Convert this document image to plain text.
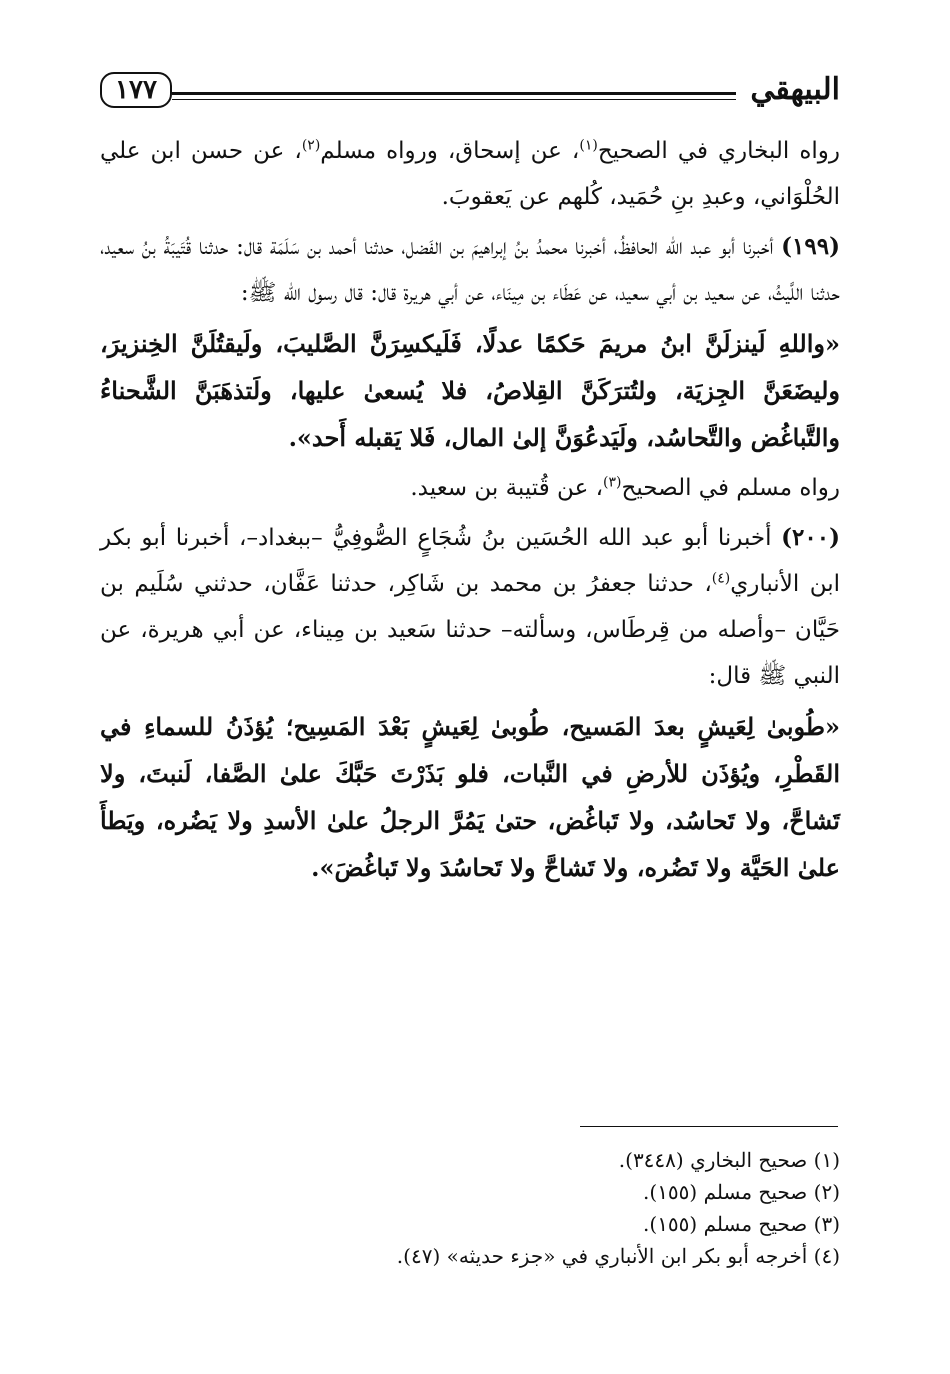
البيهقي
١٧٧

رواه البخاري في الصحيح$^{(١)}$، عن إسحاق، ورواه مسلم$^{(٢)}$، عن حسن ابن علي الحُلْوَاني، وعبدِ بنِ حُمَيد، كُلهم عن يَعقوبَ.

(١٩٩) أخبرنا أبو عبد الله الحافظُ، أخبرنا محمدُ بنُ إبراهيمَ بن الفَضل، حدثنا أحمد بن سَلَمَة قال: حدثنا قُتَيبَةُ بنُ سعيد، حدثنا اللَّيثُ، عن سعيد بن أبي سعيد، عن عَطَاء بن مِينَاء، عن أبي هريرة قال: قال رسول الله ﷺ:

«واللهِ لَينزلَنَّ ابنُ مريمَ حَكمًا عدلًا، فَلَيكسِرَنَّ الصَّليبَ، ولَيقتُلَنَّ الخِنزيرَ، وليضَعَنَّ الجِزيَة، ولتُترَكَنَّ القِلاصُ، فلا يُسعىٰ عليها، ولَتذهَبَنَّ الشَّحناءُ والتَّباغُض والتَّحاسُد، ولَيَدعُوَنَّ إلىٰ المال، فَلا يَقبله أَحد».

رواه مسلم في الصحيح$^{(٣)}$، عن قُتيبة بن سعيد.

(٢٠٠) أخبرنا أبو عبد الله الحُسَين بنُ شُجَاعٍ الصُّوفِيُّ –ببغداد–، أخبرنا أبو بكر ابن الأنباري$^{(٤)}$، حدثنا جعفرُ بن محمد بن شَاكِر، حدثنا عَفَّان، حدثني سُلَيم بن حَيَّان –وأصله من قِرطَاس، وسألته– حدثنا سَعيد بن مِيناء، عن أبي هريرة، عن النبي ﷺ قال:

«طُوبىٰ لِعَيشٍ بعدَ المَسيح، طُوبىٰ لِعَيشٍ بَعْدَ المَسِيح؛ يُؤذَنُ للسماءِ في القَطْرِ، ويُؤذَن للأرضِ في النَّبات، فلو بَذَرْتَ حَبَّكَ علىٰ الصَّفا، لَنبتَ، ولا تَشاحَّ، ولا تَحاسُد، ولا تَباغُض، حتىٰ يَمُرَّ الرجلُ علىٰ الأسدِ ولا يَضُره، ويَطأَ علىٰ الحَيَّة ولا تَضُره، ولا تَشاحَّ ولا تَحاسُدَ ولا تَباغُضَ».

(١) صحيح البخاري (٣٤٤٨).

(٢) صحيح مسلم (١٥٥).

(٣) صحيح مسلم (١٥٥).

(٤) أخرجه أبو بكر ابن الأنباري في «جزء حديثه» (٤٧).
